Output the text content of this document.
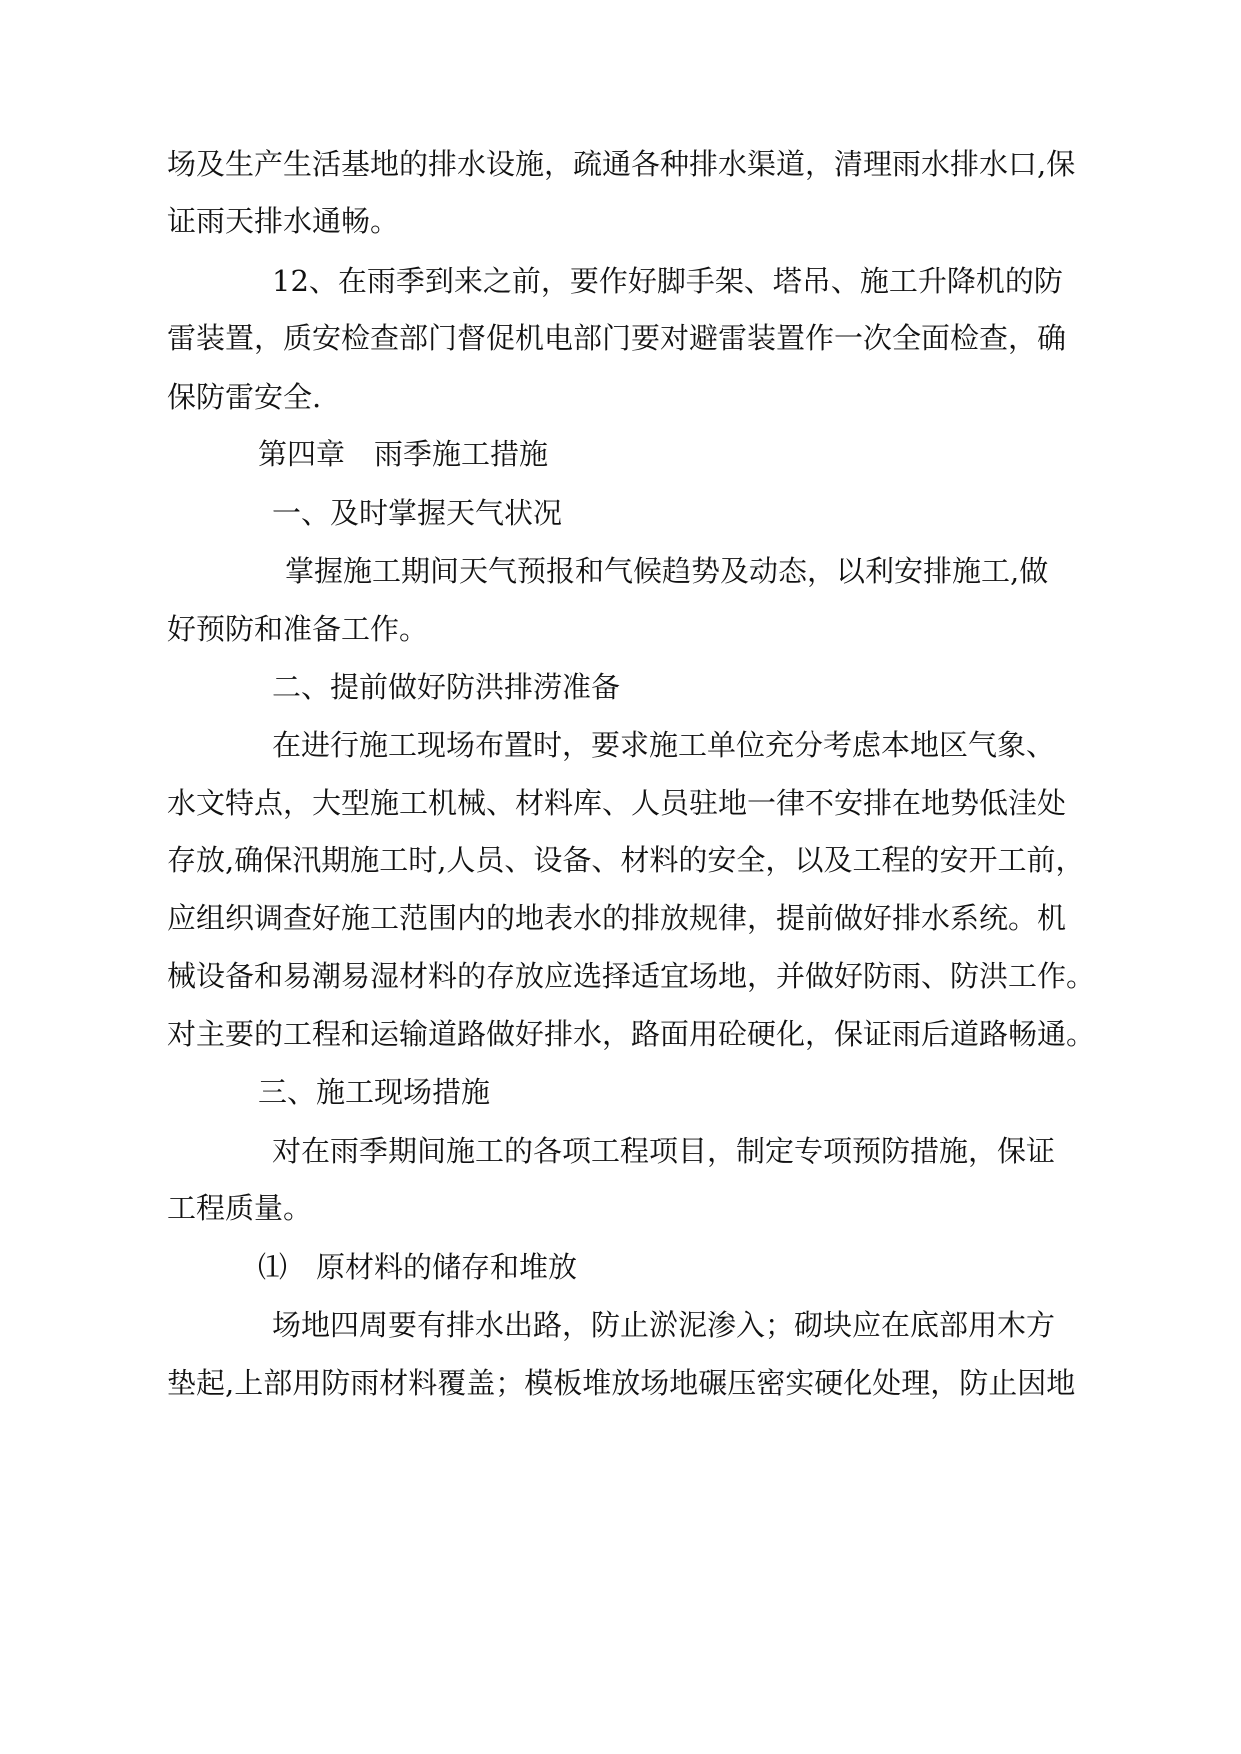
场及生产生活基地的排水设施，疏通各种排水渠道，清理雨水排水口,保
证雨天排水通畅。
12、在雨季到来之前，要作好脚手架、塔吊、施工升降机的防
雷装置，质安检查部门督促机电部门要对避雷装置作一次全面检查，确
保防雷安全.
第四章　雨季施工措施
一、及时掌握天气状况
掌握施工期间天气预报和气候趋势及动态，以利安排施工,做
好预防和准备工作。
二、提前做好防洪排涝准备
在进行施工现场布置时，要求施工单位充分考虑本地区气象、
水文特点，大型施工机械、材料库、人员驻地一律不安排在地势低洼处
存放,确保汛期施工时,人员、设备、材料的安全，以及工程的安开工前，
应组织调查好施工范围内的地表水的排放规律，提前做好排水系统。机
械设备和易潮易湿材料的存放应选择适宜场地，并做好防雨、防洪工作。
对主要的工程和运输道路做好排水，路面用砼硬化，保证雨后道路畅通。
三、施工现场措施
对在雨季期间施工的各项工程项目，制定专项预防措施，保证
工程质量。
⑴　原材料的储存和堆放
场地四周要有排水出路，防止淤泥渗入；砌块应在底部用木方
垫起,上部用防雨材料覆盖；模板堆放场地碾压密实硬化处理，防止因地
